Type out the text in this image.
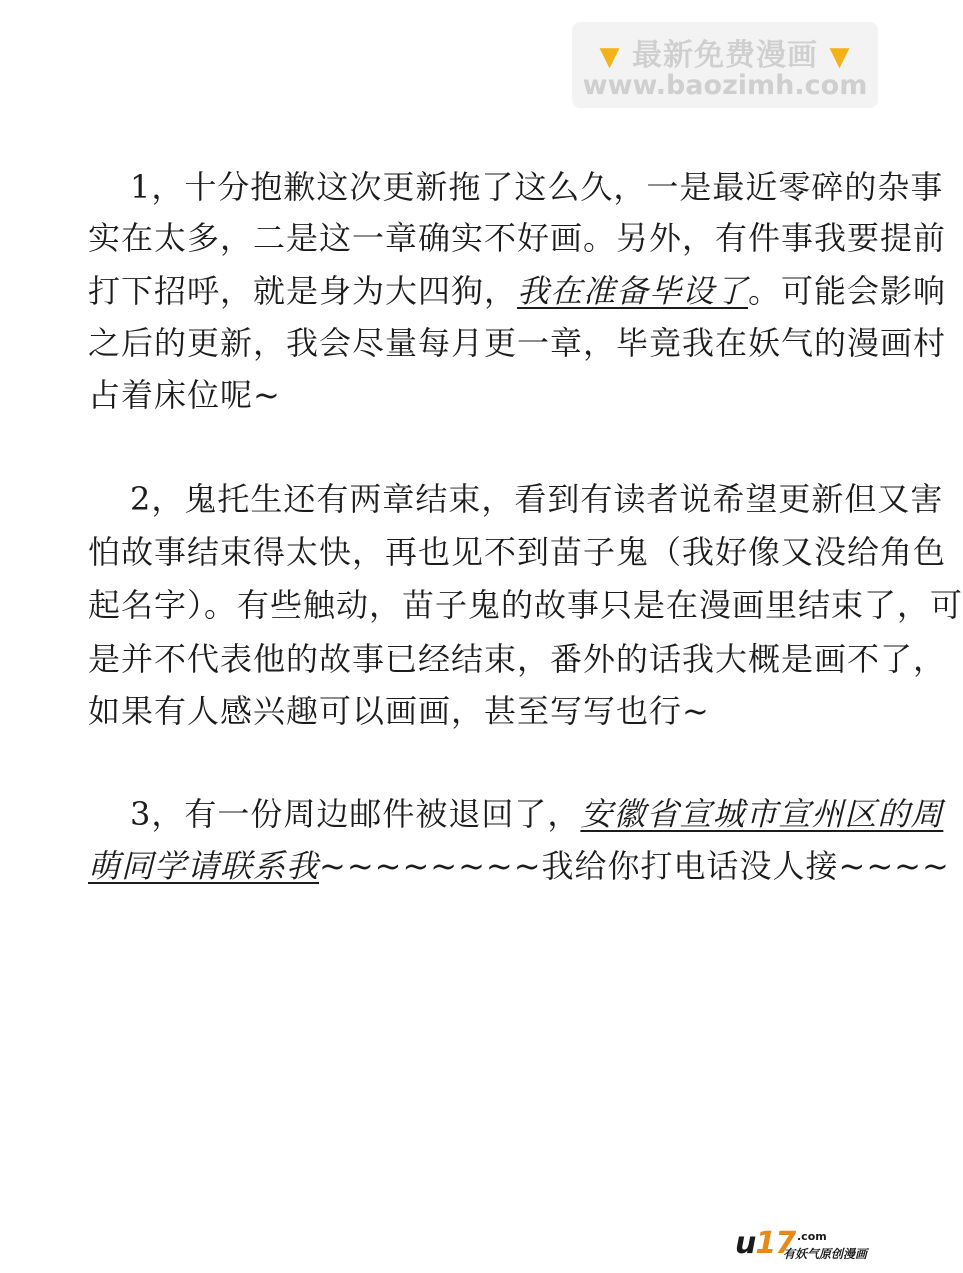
▼ 最新免费漫画 ▼
www.baozimh.com
1，十分抱歉这次更新拖了这么久，一是最近零碎的杂事
实在太多，二是这一章确实不好画。另外，有件事我要提前
打下招呼，就是身为大四狗，我在准备毕设了。可能会影响
之后的更新，我会尽量每月更一章，毕竟我在妖气的漫画村
占着床位呢~
2，鬼托生还有两章结束，看到有读者说希望更新但又害
怕故事结束得太快，再也见不到苗子鬼（我好像又没给角色
起名字）。有些触动，苗子鬼的故事只是在漫画里结束了，可
是并不代表他的故事已经结束，番外的话我大概是画不了，
如果有人感兴趣可以画画，甚至写写也行~
3，有一份周边邮件被退回了，安徽省宣城市宣州区的周
萌同学请联系我~~~~~~~~我给你打电话没人接~~~~
u17 .com
有妖气原创漫画
